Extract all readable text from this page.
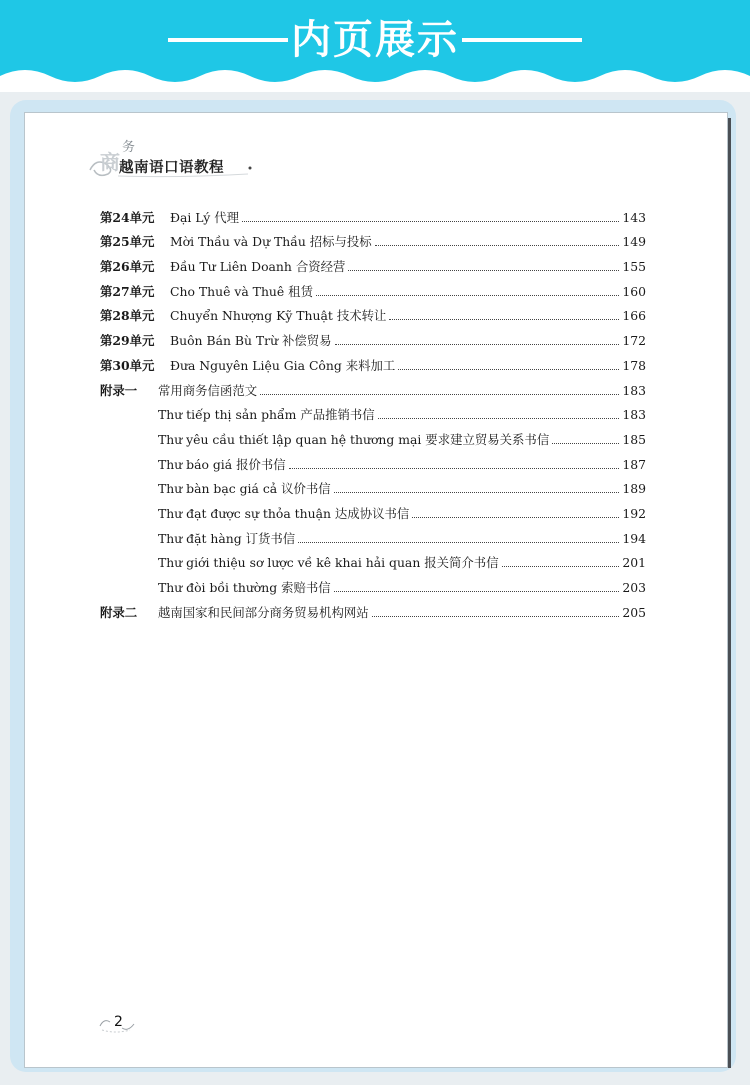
内页展示
商
务
越南语口语教程
第24单元	Đại Lý 代理	143
第25单元	Mời Thầu và Dự Thầu 招标与投标	149
第26单元	Đầu Tư Liên Doanh 合资经营	155
第27单元	Cho Thuê và Thuê 租赁	160
第28单元	Chuyển Nhượng Kỹ Thuật 技术转让	166
第29单元	Buôn Bán Bù Trừ 补偿贸易	172
第30单元	Đưa Nguyên Liệu Gia Công 来料加工	178
附录一	常用商务信函范文	183
Thư tiếp thị sản phẩm 产品推销书信	183
Thư yêu cầu thiết lập quan hệ thương mại 要求建立贸易关系书信	185
Thư báo giá 报价书信	187
Thư bàn bạc giá cả 议价书信	189
Thư đạt được sự thỏa thuận 达成协议书信	192
Thư đặt hàng 订货书信	194
Thư giới thiệu sơ lược về kê khai hải quan 报关简介书信	201
Thư đòi bồi thường 索赔书信	203
附录二	越南国家和民间部分商务贸易机构网站	205
2
